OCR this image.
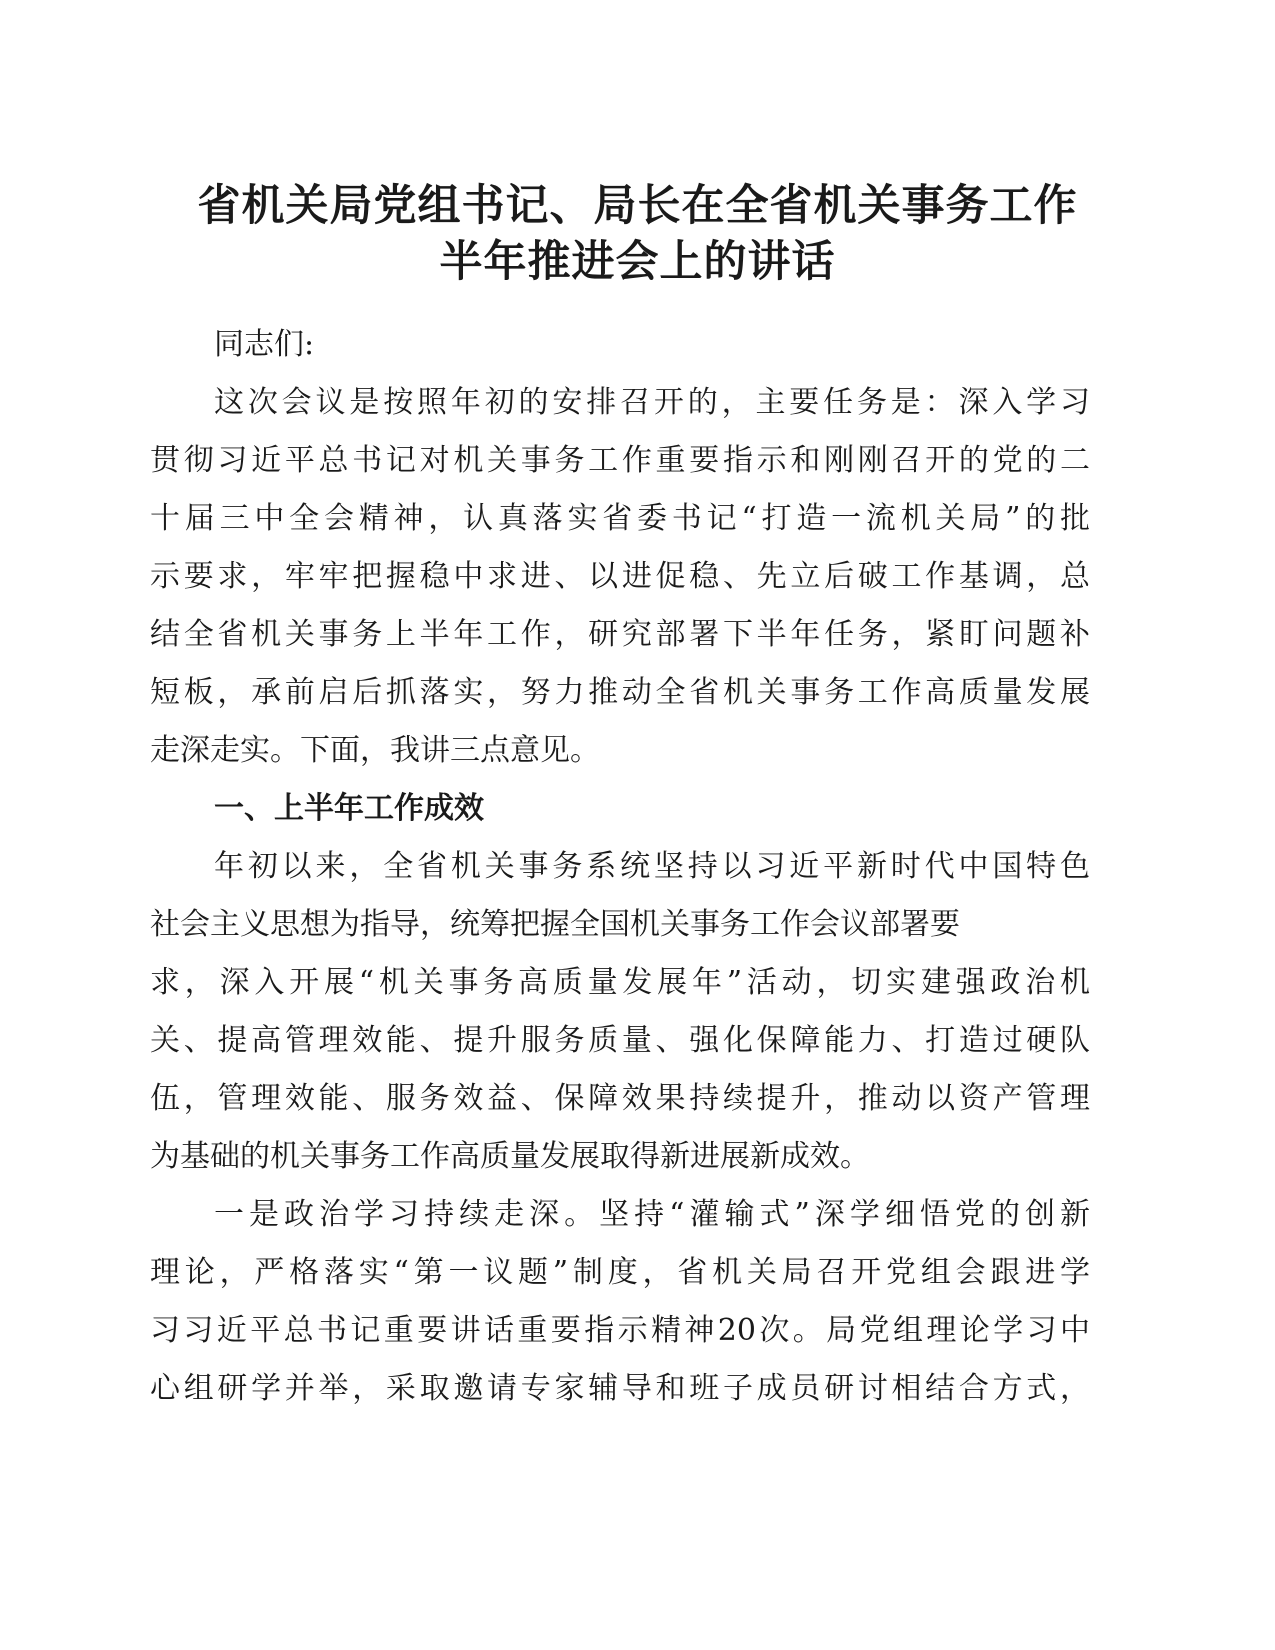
省机关局党组书记、局长在全省机关事务工作
半年推进会上的讲话
同志们:
这次会议是按照年初的安排召开的，主要任务是：深入学习
贯彻习近平总书记对机关事务工作重要指示和刚刚召开的党的二
十届三中全会精神，认真落实省委书记“打造一流机关局”的批
示要求，牢牢把握稳中求进、以进促稳、先立后破工作基调，总
结全省机关事务上半年工作，研究部署下半年任务，紧盯问题补
短板，承前启后抓落实，努力推动全省机关事务工作高质量发展
走深走实。下面，我讲三点意见。
一、上半年工作成效
年初以来，全省机关事务系统坚持以习近平新时代中国特色
社会主义思想为指导，统筹把握全国机关事务工作会议部署要
求，深入开展“机关事务高质量发展年”活动，切实建强政治机
关、提高管理效能、提升服务质量、强化保障能力、打造过硬队
伍，管理效能、服务效益、保障效果持续提升，推动以资产管理
为基础的机关事务工作高质量发展取得新进展新成效。
一是政治学习持续走深。坚持“灌输式”深学细悟党的创新
理论，严格落实“第一议题”制度，省机关局召开党组会跟进学
习习近平总书记重要讲话重要指示精神20次。局党组理论学习中
心组研学并举，采取邀请专家辅导和班子成员研讨相结合方式，
